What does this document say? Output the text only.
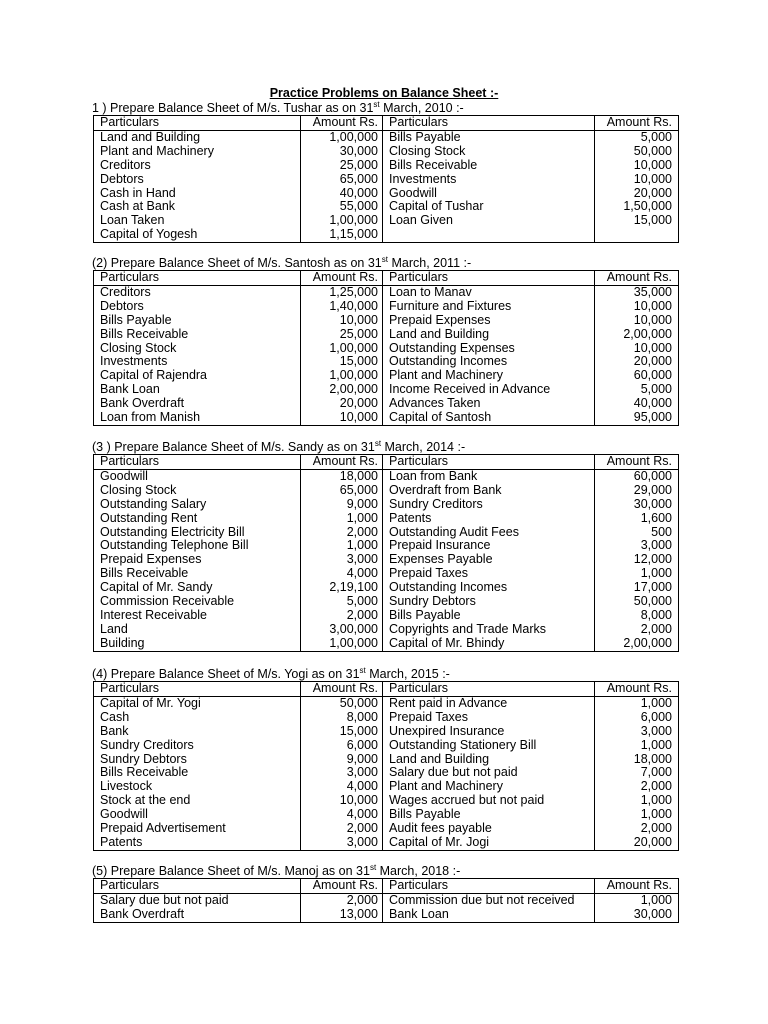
Practice Problems on Balance Sheet :-
1 ) Prepare Balance Sheet of M/s. Tushar as on 31st March, 2010 :-
Particulars	Amount Rs.	Particulars	Amount Rs.
Land and Building	1,00,000	Bills Payable	5,000
Plant and Machinery	30,000	Closing Stock	50,000
Creditors	25,000	Bills Receivable	10,000
Debtors	65,000	Investments	10,000
Cash in Hand	40,000	Goodwill	20,000
Cash at Bank	55,000	Capital of Tushar	1,50,000
Loan Taken	1,00,000	Loan Given	15,000
Capital of Yogesh	1,15,000		
(2) Prepare Balance Sheet of M/s. Santosh as on 31st March, 2011 :-
Particulars	Amount Rs.	Particulars	Amount Rs.
Creditors	1,25,000	Loan to Manav	35,000
Debtors	1,40,000	Furniture and Fixtures	10,000
Bills Payable	10,000	Prepaid Expenses	10,000
Bills Receivable	25,000	Land and Building	2,00,000
Closing Stock	1,00,000	Outstanding Expenses	10,000
Investments	15,000	Outstanding Incomes	20,000
Capital of Rajendra	1,00,000	Plant and Machinery	60,000
Bank Loan	2,00,000	Income Received in Advance	5,000
Bank Overdraft	20,000	Advances Taken	40,000
Loan from Manish	10,000	Capital of Santosh	95,000
(3 ) Prepare Balance Sheet of M/s. Sandy as on 31st March, 2014 :-
Particulars	Amount Rs.	Particulars	Amount Rs.
Goodwill	18,000	Loan from Bank	60,000
Closing Stock	65,000	Overdraft from Bank	29,000
Outstanding Salary	9,000	Sundry Creditors	30,000
Outstanding Rent	1,000	Patents	1,600
Outstanding Electricity Bill	2,000	Outstanding Audit Fees	500
Outstanding Telephone Bill	1,000	Prepaid Insurance	3,000
Prepaid Expenses	3,000	Expenses Payable	12,000
Bills Receivable	4,000	Prepaid Taxes	1,000
Capital of Mr. Sandy	2,19,100	Outstanding Incomes	17,000
Commission Receivable	5,000	Sundry Debtors	50,000
Interest Receivable	2,000	Bills Payable	8,000
Land	3,00,000	Copyrights and Trade Marks	2,000
Building	1,00,000	Capital of Mr. Bhindy	2,00,000
(4) Prepare Balance Sheet of M/s. Yogi as on 31st March, 2015 :-
Particulars	Amount Rs.	Particulars	Amount Rs.
Capital of Mr. Yogi	50,000	Rent paid in Advance	1,000
Cash	8,000	Prepaid Taxes	6,000
Bank	15,000	Unexpired Insurance	3,000
Sundry Creditors	6,000	Outstanding Stationery Bill	1,000
Sundry Debtors	9,000	Land and Building	18,000
Bills Receivable	3,000	Salary due but not paid	7,000
Livestock	4,000	Plant and Machinery	2,000
Stock at the end	10,000	Wages accrued but not paid	1,000
Goodwill	4,000	Bills Payable	1,000
Prepaid Advertisement	2,000	Audit fees payable	2,000
Patents	3,000	Capital of Mr. Jogi	20,000
(5) Prepare Balance Sheet of M/s. Manoj as on 31st March, 2018 :-
Particulars	Amount Rs.	Particulars	Amount Rs.
Salary due but not paid	2,000	Commission due but not received	1,000
Bank Overdraft	13,000	Bank Loan	30,000
